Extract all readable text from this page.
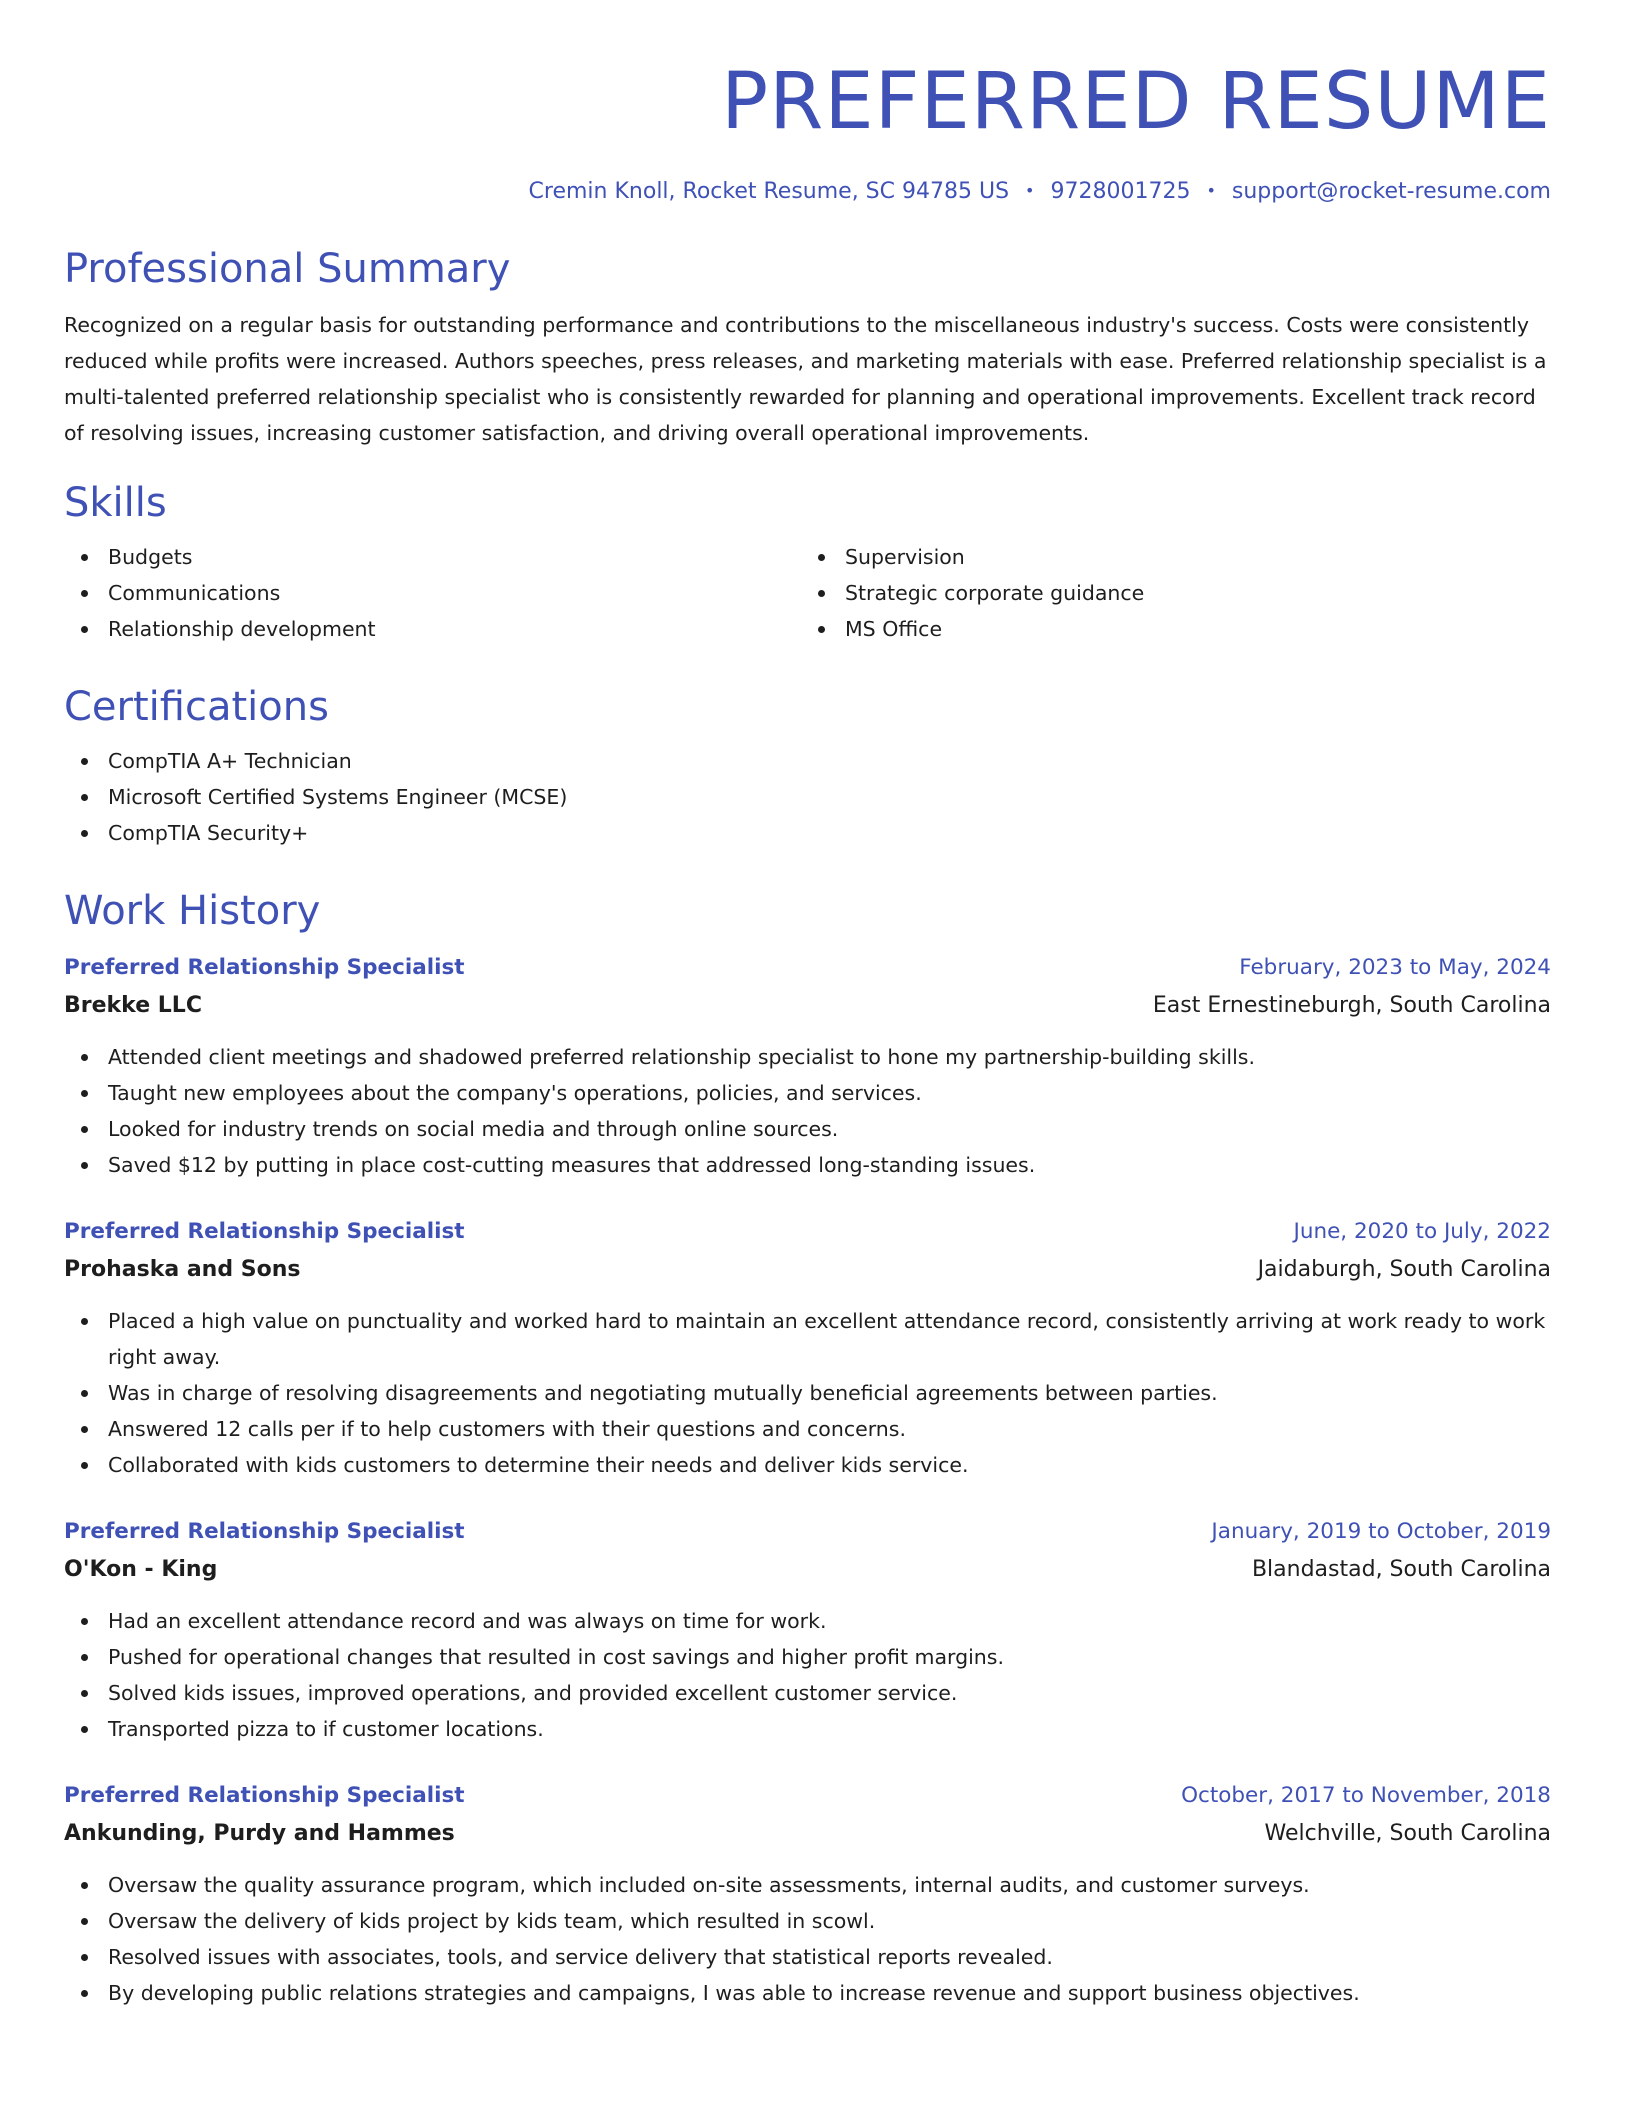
PREFERRED RESUME
Cremin Knoll, Rocket Resume, SC 94785 US • 9728001725 • support@rocket-resume.com
Professional Summary

Recognized on a regular basis for outstanding performance and contributions to the miscellaneous industry's success. Costs were consistently reduced while profits were increased. Authors speeches, press releases, and marketing materials with ease. Preferred relationship specialist is a multi-talented preferred relationship specialist who is consistently rewarded for planning and operational improvements. Excellent track record of resolving issues, increasing customer satisfaction, and driving overall operational improvements.

Skills
Budgets
Communications
Relationship development
Supervision
Strategic corporate guidance
MS Office
Certifications
CompTIA A+ Technician
Microsoft Certified Systems Engineer (MCSE)
CompTIA Security+
Work History
Preferred Relationship Specialist	February, 2023 to May, 2024
Brekke LLC	East Ernestineburgh, South Carolina
Attended client meetings and shadowed preferred relationship specialist to hone my partnership-building skills.
Taught new employees about the company's operations, policies, and services.
Looked for industry trends on social media and through online sources.
Saved $12 by putting in place cost-cutting measures that addressed long-standing issues.
Preferred Relationship Specialist	June, 2020 to July, 2022
Prohaska and Sons	Jaidaburgh, South Carolina
Placed a high value on punctuality and worked hard to maintain an excellent attendance record, consistently arriving at work ready to work right away.
Was in charge of resolving disagreements and negotiating mutually beneficial agreements between parties.
Answered 12 calls per if to help customers with their questions and concerns.
Collaborated with kids customers to determine their needs and deliver kids service.
Preferred Relationship Specialist	January, 2019 to October, 2019
O'Kon - King	Blandastad, South Carolina
Had an excellent attendance record and was always on time for work.
Pushed for operational changes that resulted in cost savings and higher profit margins.
Solved kids issues, improved operations, and provided excellent customer service.
Transported pizza to if customer locations.
Preferred Relationship Specialist	October, 2017 to November, 2018
Ankunding, Purdy and Hammes	Welchville, South Carolina
Oversaw the quality assurance program, which included on-site assessments, internal audits, and customer surveys.
Oversaw the delivery of kids project by kids team, which resulted in scowl.
Resolved issues with associates, tools, and service delivery that statistical reports revealed.
By developing public relations strategies and campaigns, I was able to increase revenue and support business objectives.
